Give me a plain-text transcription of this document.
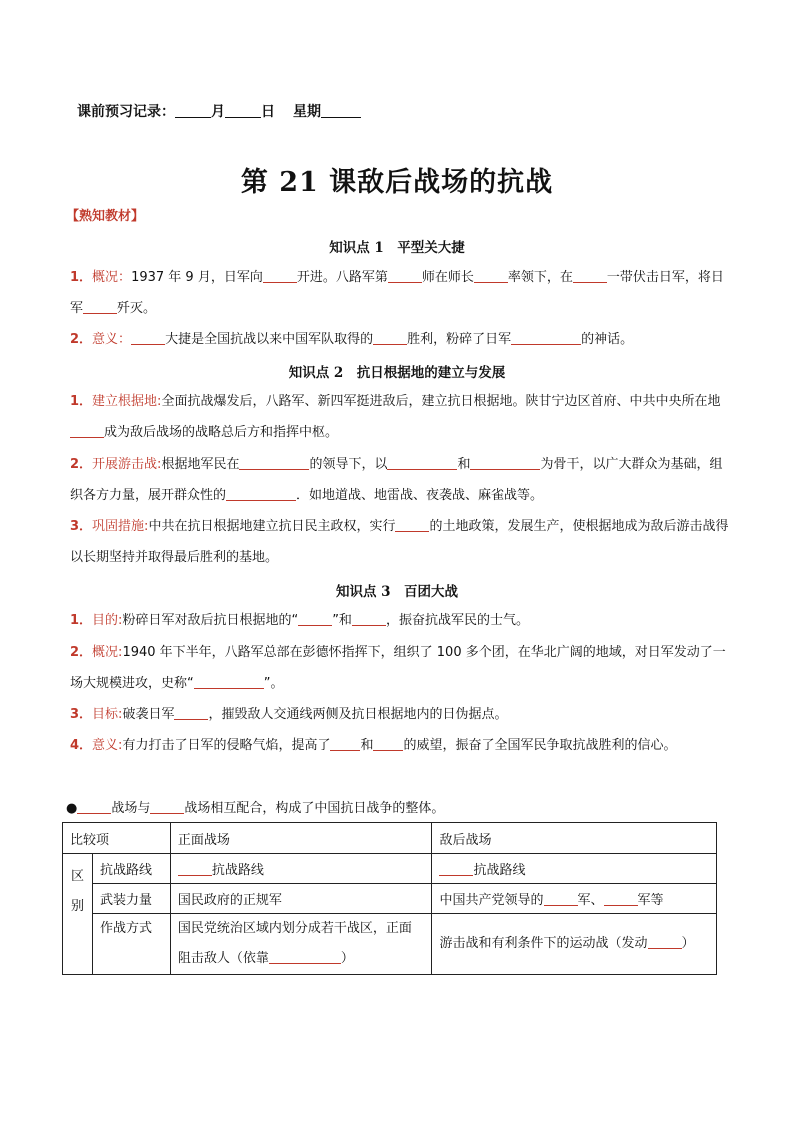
课前预习记录：	月	日 星期
第 21 课敌后战场的抗战
【熟知教材】
知识点 1　平型关大捷
1．概况：1937 年 9 月，日军向	开进。八路军第	师在师长	率领下，在	一带伏击日军，将日军	歼灭。
2．意义：	大捷是全国抗战以来中国军队取得的	胜利，粉碎了日军	的神话。
知识点 2　抗日根据地的建立与发展
1．建立根据地:全面抗战爆发后，八路军、新四军挺进敌后，建立抗日根据地。陕甘宁边区首府、中共中央所在地成为敌后战场的战略总后方和指挥中枢。
2．开展游击战:根据地军民在	的领导下，以	和	为骨干，以广大群众为基础，组织各方力量，展开群众性的	．如地道战、地雷战、夜袭战、麻雀战等。
3．巩固措施:中共在抗日根据地建立抗日民主政权，实行	的土地政策，发展生产，使根据地成为敌后游击战得以长期坚持并取得最后胜利的基地。
知识点 3　百团大战
1．目的:粉碎日军对敌后抗日根据地的“	”和	，振奋抗战军民的士气。
2．概况:1940 年下半年，八路军总部在彭德怀指挥下，组织了 100 多个团，在华北广阔的地域，对日军发动了一场大规模进攻，史称“	”。
3．目标:破袭日军	，摧毁敌人交通线两侧及抗日根据地内的日伪据点。
4．意义:有力打击了日军的侵略气焰，提高了 和 的威望，振奋了全国军民争取抗战胜利的信心。
●	战场与	战场相互配合，构成了中国抗日战争的整体。
比较项		正面战场	敌后战场
区别	抗战路线	抗战路线	抗战路线
	武装力量	国民政府的正规军	中国共产党领导的 军、 军等
	作战方式	国民党统治区域内划分成若干战区，正面阻击敌人（依靠 ）	游击战和有利条件下的运动战（发动 ）
